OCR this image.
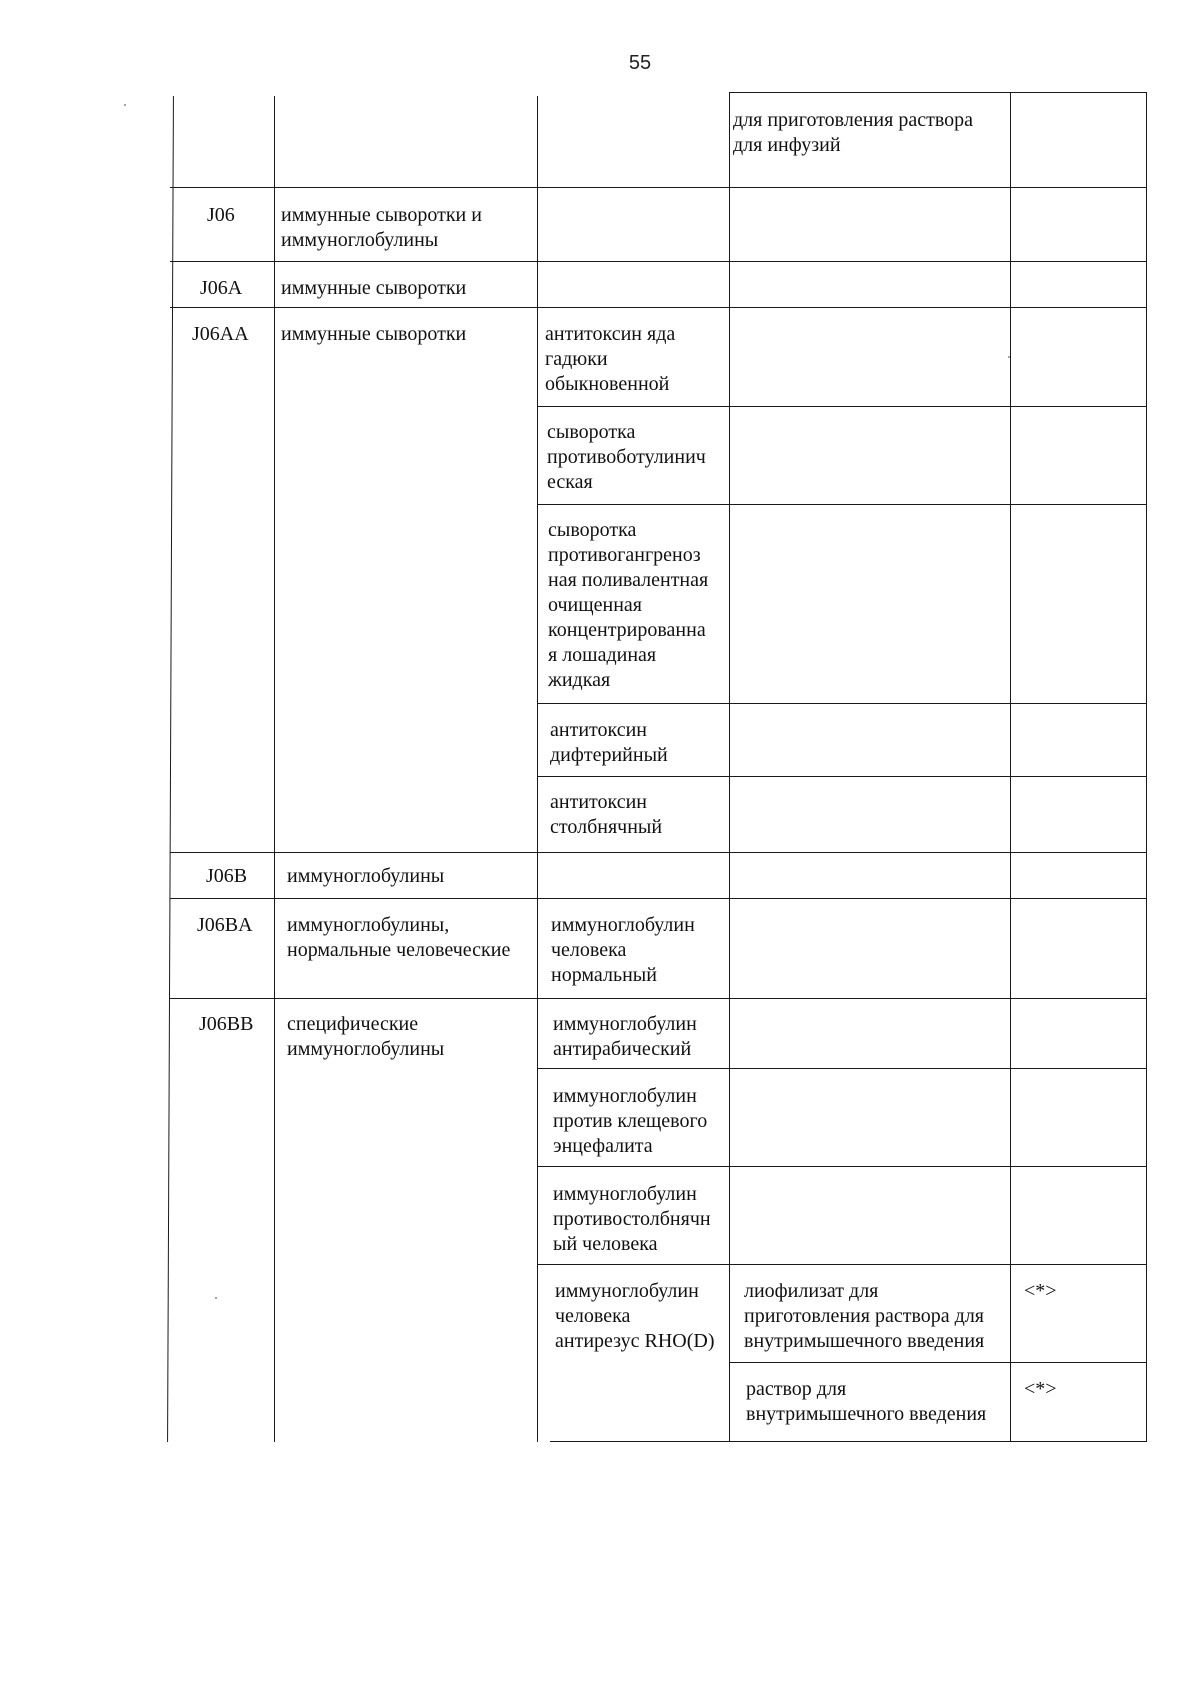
55
для приготовления раствора
для инфузий
J06 иммунные сыворотки и
иммуноглобулины
J06A иммунные сыворотки
J06AA иммунные сыворотки	антитоксин яда
гадюки
обыкновенной
сыворотка
противоботулинич
еская
сыворотка
противогангреноз
ная поливалентная
очищенная
концентрированна
я лошадиная
жидкая
антитоксин
дифтерийный
антитоксин
столбнячный
J06B иммуноглобулины
J06BA иммуноглобулины,
нормальные человеческие
иммуноглобулин
человека
нормальный
J06BB специфические
иммуноглобулины
иммуноглобулин
антирабический
иммуноглобулин
против клещевого
энцефалита
иммуноглобулин
противостолбнячн
ый человека
иммуноглобулин
человека
антирезус RHO(D)
лиофилизат для
приготовления раствора для
внутримышечного введения
<*>
раствор для
внутримышечного введения
<*>
